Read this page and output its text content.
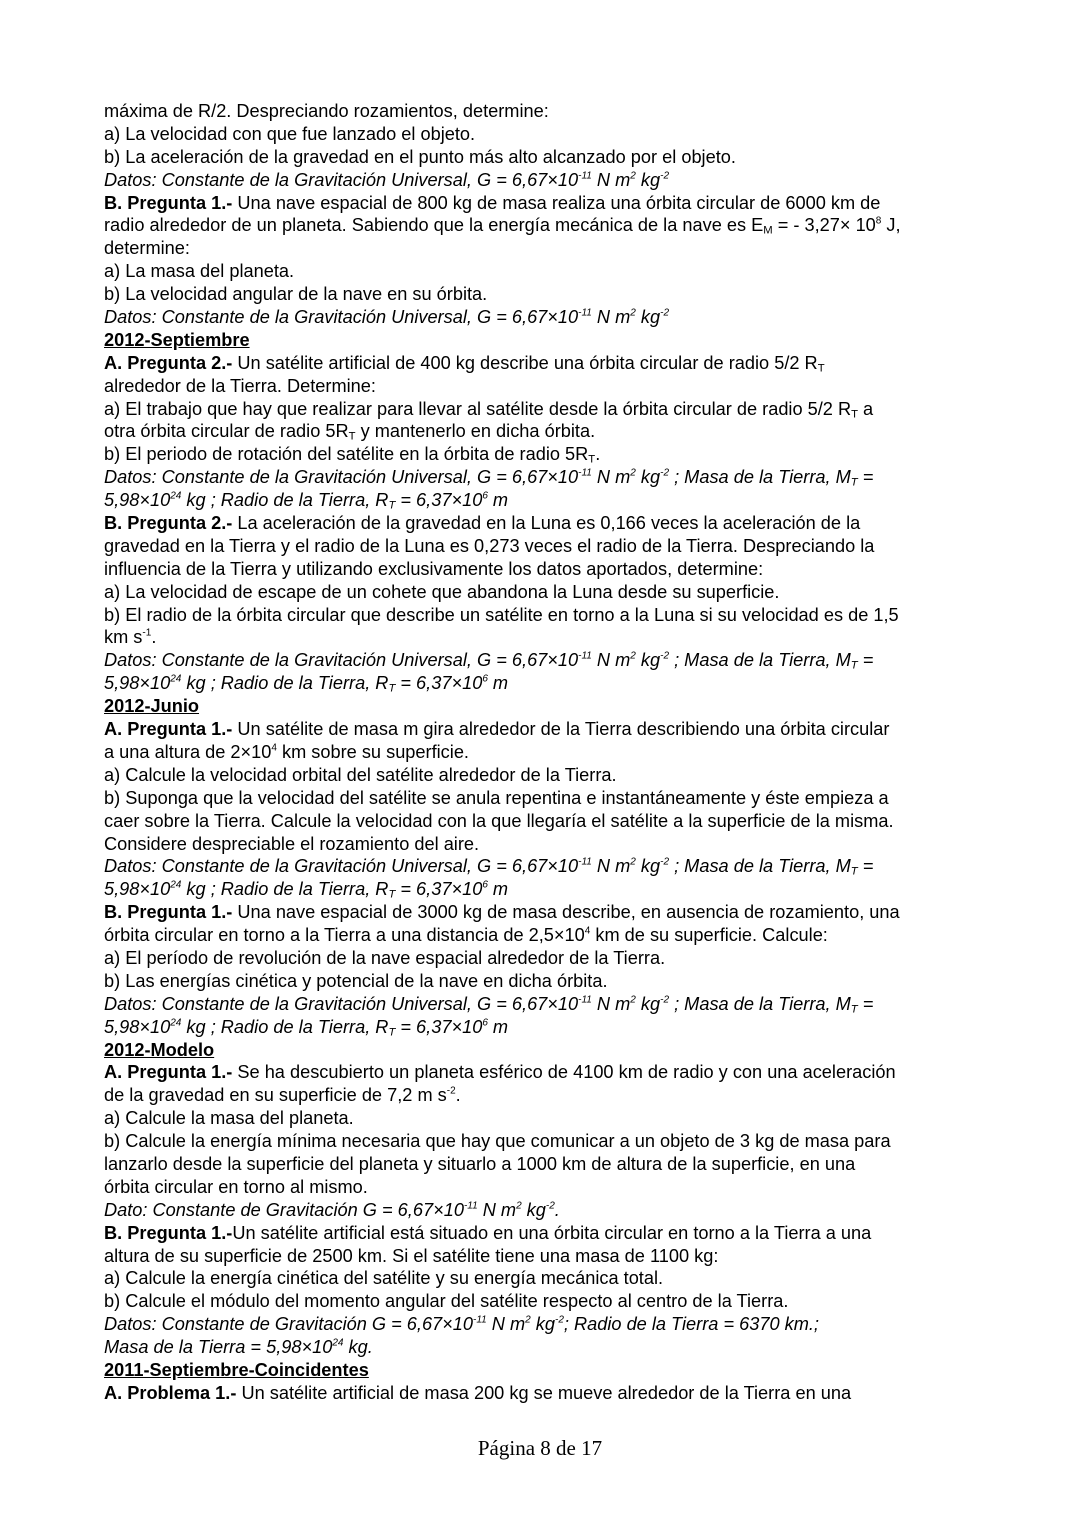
máxima de R/2. Despreciando rozamientos, determine:
a) La velocidad con que fue lanzado el objeto.
b) La aceleración de la gravedad en el punto más alto alcanzado por el objeto.
Datos: Constante de la Gravitación Universal, $G = 6,67\times 10^{-11}$ N $m^2$ $kg^{-2}$
B. Pregunta 1.- Una nave espacial de 800 kg de masa realiza una órbita circular de 6000 km de
radio alrededor de un planeta. Sabiendo que la energía mecánica de la nave es $E_M$ = - $3,27\times 10^8$ J,
determine:
a) La masa del planeta.
b) La velocidad angular de la nave en su órbita.
Datos: Constante de la Gravitación Universal, $G = 6,67\times 10^{-11}$ N $m^2$ $kg^{-2}$
2012-Septiembre
A. Pregunta 2.- Un satélite artificial de 400 kg describe una órbita circular de radio 5/2 $R_T$
alrededor de la Tierra. Determine:
a) El trabajo que hay que realizar para llevar al satélite desde la órbita circular de radio 5/2 $R_T$ a
otra órbita circular de radio $5R_T$ y mantenerlo en dicha órbita.
b) El periodo de rotación del satélite en la órbita de radio $5R_T$.
Datos: Constante de la Gravitación Universal, $G = 6,67\times 10^{-11}$ N $m^2$ $kg^{-2}$ ; Masa de la Tierra, $M_T$ =
$5,98\times 10^{24}$ kg ; Radio de la Tierra, $R_T = 6,37\times 10^6$ m
B. Pregunta 2.- La aceleración de la gravedad en la Luna es 0,166 veces la aceleración de la
gravedad en la Tierra y el radio de la Luna es 0,273 veces el radio de la Tierra. Despreciando la
influencia de la Tierra y utilizando exclusivamente los datos aportados, determine:
a) La velocidad de escape de un cohete que abandona la Luna desde su superficie.
b) El radio de la órbita circular que describe un satélite en torno a la Luna si su velocidad es de 1,5
km $s^{-1}$.
Datos: Constante de la Gravitación Universal, $G = 6,67\times 10^{-11}$ N $m^2$ $kg^{-2}$ ; Masa de la Tierra, $M_T$ =
$5,98\times 10^{24}$ kg ; Radio de la Tierra, $R_T = 6,37\times 10^6$ m
2012-Junio
A. Pregunta 1.- Un satélite de masa m gira alrededor de la Tierra describiendo una órbita circular
a una altura de $2\times 10^4$ km sobre su superficie.
a) Calcule la velocidad orbital del satélite alrededor de la Tierra.
b) Suponga que la velocidad del satélite se anula repentina e instantáneamente y éste empieza a
caer sobre la Tierra. Calcule la velocidad con la que llegaría el satélite a la superficie de la misma.
Considere despreciable el rozamiento del aire.
Datos: Constante de la Gravitación Universal, $G = 6,67\times 10^{-11}$ N $m^2$ $kg^{-2}$ ; Masa de la Tierra, $M_T$ =
$5,98\times 10^{24}$ kg ; Radio de la Tierra, $R_T = 6,37\times 10^6$ m
B. Pregunta 1.- Una nave espacial de 3000 kg de masa describe, en ausencia de rozamiento, una
órbita circular en torno a la Tierra a una distancia de $2,5\times 10^4$ km de su superficie. Calcule:
a) El período de revolución de la nave espacial alrededor de la Tierra.
b) Las energías cinética y potencial de la nave en dicha órbita.
Datos: Constante de la Gravitación Universal, $G = 6,67\times 10^{-11}$ N $m^2$ $kg^{-2}$ ; Masa de la Tierra, $M_T$ =
$5,98\times 10^{24}$ kg ; Radio de la Tierra, $R_T = 6,37\times 10^6$ m
2012-Modelo
A. Pregunta 1.- Se ha descubierto un planeta esférico de 4100 km de radio y con una aceleración
de la gravedad en su superficie de 7,2 m $s^{-2}$.
a) Calcule la masa del planeta.
b) Calcule la energía mínima necesaria que hay que comunicar a un objeto de 3 kg de masa para
lanzarlo desde la superficie del planeta y situarlo a 1000 km de altura de la superficie, en una
órbita circular en torno al mismo.
Dato: Constante de Gravitación $G = 6,67\times 10^{-11}$ N $m^2$ $kg^{-2}$.
B. Pregunta 1.-Un satélite artificial está situado en una órbita circular en torno a la Tierra a una
altura de su superficie de 2500 km. Si el satélite tiene una masa de 1100 kg:
a) Calcule la energía cinética del satélite y su energía mecánica total.
b) Calcule el módulo del momento angular del satélite respecto al centro de la Tierra.
Datos: Constante de Gravitación $G = 6,67\times 10^{-11}$ N $m^2$ $kg^{-2}$; Radio de la Tierra = 6370 km.;
Masa de la Tierra = $5,98\times 10^{24}$ kg.
2011-Septiembre-Coincidentes
A. Problema 1.- Un satélite artificial de masa 200 kg se mueve alrededor de la Tierra en una
Página 8 de 17
